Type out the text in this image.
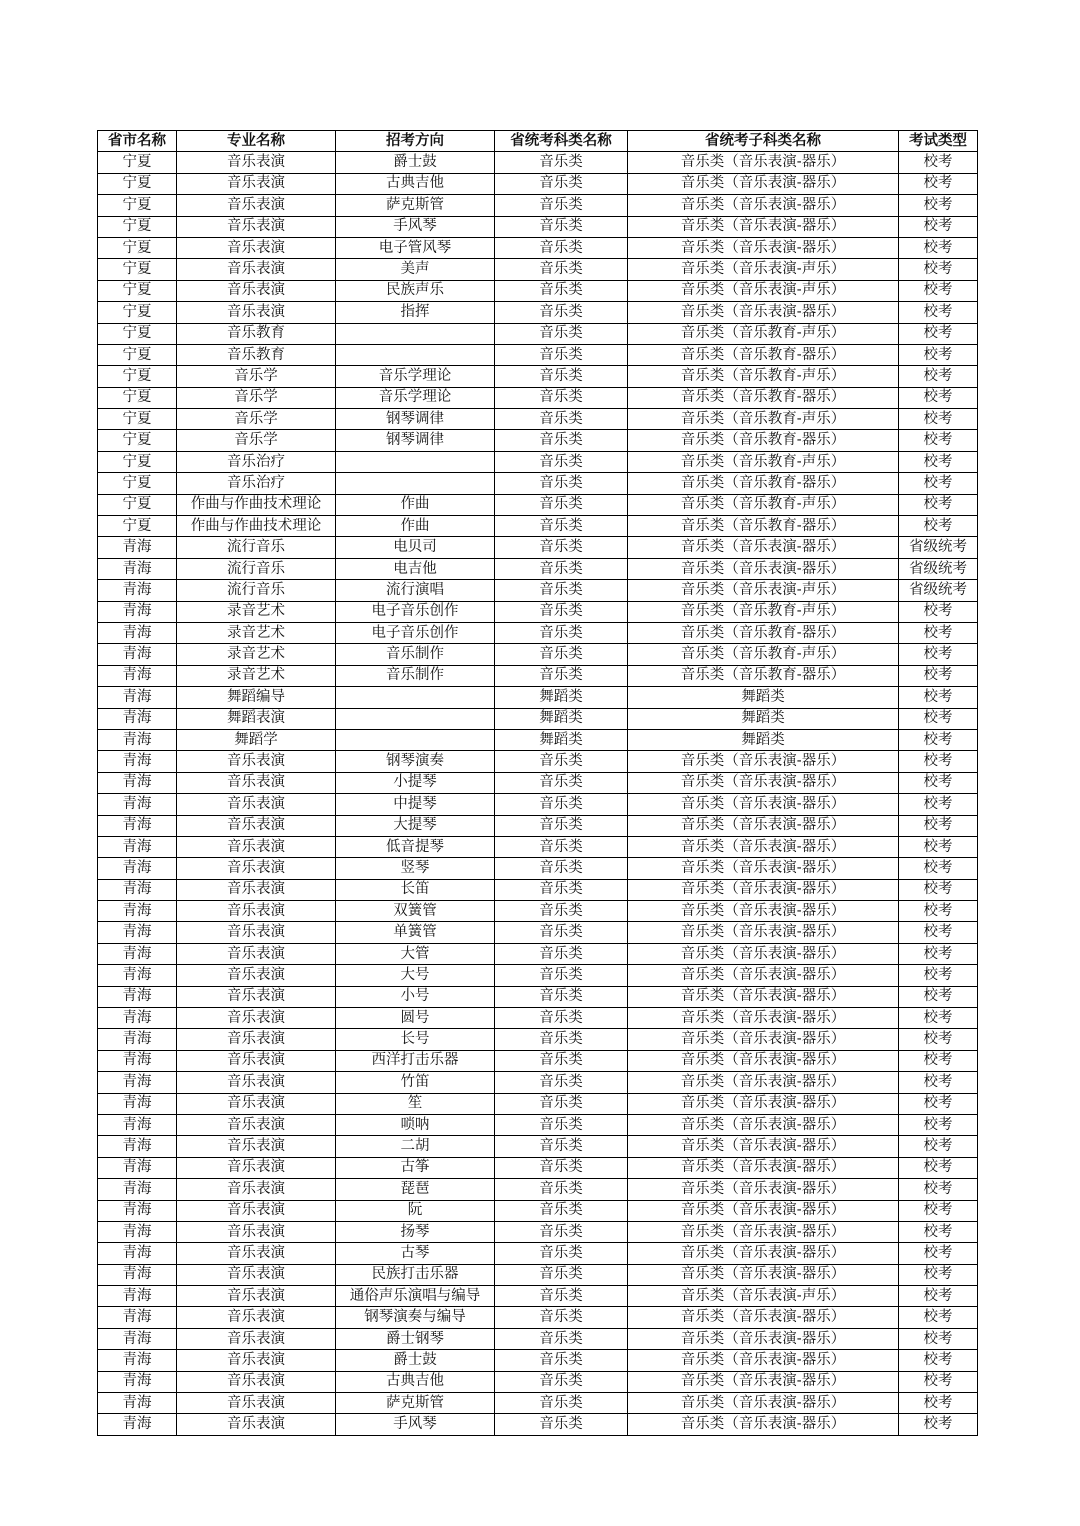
省市名称	专业名称	招考方向	省统考科类名称	省统考子科类名称	考试类型
宁夏	音乐表演	爵士鼓	音乐类	音乐类（音乐表演-器乐）	校考
宁夏	音乐表演	古典吉他	音乐类	音乐类（音乐表演-器乐）	校考
宁夏	音乐表演	萨克斯管	音乐类	音乐类（音乐表演-器乐）	校考
宁夏	音乐表演	手风琴	音乐类	音乐类（音乐表演-器乐）	校考
宁夏	音乐表演	电子管风琴	音乐类	音乐类（音乐表演-器乐）	校考
宁夏	音乐表演	美声	音乐类	音乐类（音乐表演-声乐）	校考
宁夏	音乐表演	民族声乐	音乐类	音乐类（音乐表演-声乐）	校考
宁夏	音乐表演	指挥	音乐类	音乐类（音乐表演-器乐）	校考
宁夏	音乐教育		音乐类	音乐类（音乐教育-声乐）	校考
宁夏	音乐教育		音乐类	音乐类（音乐教育-器乐）	校考
宁夏	音乐学	音乐学理论	音乐类	音乐类（音乐教育-声乐）	校考
宁夏	音乐学	音乐学理论	音乐类	音乐类（音乐教育-器乐）	校考
宁夏	音乐学	钢琴调律	音乐类	音乐类（音乐教育-声乐）	校考
宁夏	音乐学	钢琴调律	音乐类	音乐类（音乐教育-器乐）	校考
宁夏	音乐治疗		音乐类	音乐类（音乐教育-声乐）	校考
宁夏	音乐治疗		音乐类	音乐类（音乐教育-器乐）	校考
宁夏	作曲与作曲技术理论	作曲	音乐类	音乐类（音乐教育-声乐）	校考
宁夏	作曲与作曲技术理论	作曲	音乐类	音乐类（音乐教育-器乐）	校考
青海	流行音乐	电贝司	音乐类	音乐类（音乐表演-器乐）	省级统考
青海	流行音乐	电吉他	音乐类	音乐类（音乐表演-器乐）	省级统考
青海	流行音乐	流行演唱	音乐类	音乐类（音乐表演-声乐）	省级统考
青海	录音艺术	电子音乐创作	音乐类	音乐类（音乐教育-声乐）	校考
青海	录音艺术	电子音乐创作	音乐类	音乐类（音乐教育-器乐）	校考
青海	录音艺术	音乐制作	音乐类	音乐类（音乐教育-声乐）	校考
青海	录音艺术	音乐制作	音乐类	音乐类（音乐教育-器乐）	校考
青海	舞蹈编导		舞蹈类	舞蹈类	校考
青海	舞蹈表演		舞蹈类	舞蹈类	校考
青海	舞蹈学		舞蹈类	舞蹈类	校考
青海	音乐表演	钢琴演奏	音乐类	音乐类（音乐表演-器乐）	校考
青海	音乐表演	小提琴	音乐类	音乐类（音乐表演-器乐）	校考
青海	音乐表演	中提琴	音乐类	音乐类（音乐表演-器乐）	校考
青海	音乐表演	大提琴	音乐类	音乐类（音乐表演-器乐）	校考
青海	音乐表演	低音提琴	音乐类	音乐类（音乐表演-器乐）	校考
青海	音乐表演	竖琴	音乐类	音乐类（音乐表演-器乐）	校考
青海	音乐表演	长笛	音乐类	音乐类（音乐表演-器乐）	校考
青海	音乐表演	双簧管	音乐类	音乐类（音乐表演-器乐）	校考
青海	音乐表演	单簧管	音乐类	音乐类（音乐表演-器乐）	校考
青海	音乐表演	大管	音乐类	音乐类（音乐表演-器乐）	校考
青海	音乐表演	大号	音乐类	音乐类（音乐表演-器乐）	校考
青海	音乐表演	小号	音乐类	音乐类（音乐表演-器乐）	校考
青海	音乐表演	圆号	音乐类	音乐类（音乐表演-器乐）	校考
青海	音乐表演	长号	音乐类	音乐类（音乐表演-器乐）	校考
青海	音乐表演	西洋打击乐器	音乐类	音乐类（音乐表演-器乐）	校考
青海	音乐表演	竹笛	音乐类	音乐类（音乐表演-器乐）	校考
青海	音乐表演	笙	音乐类	音乐类（音乐表演-器乐）	校考
青海	音乐表演	唢呐	音乐类	音乐类（音乐表演-器乐）	校考
青海	音乐表演	二胡	音乐类	音乐类（音乐表演-器乐）	校考
青海	音乐表演	古筝	音乐类	音乐类（音乐表演-器乐）	校考
青海	音乐表演	琵琶	音乐类	音乐类（音乐表演-器乐）	校考
青海	音乐表演	阮	音乐类	音乐类（音乐表演-器乐）	校考
青海	音乐表演	扬琴	音乐类	音乐类（音乐表演-器乐）	校考
青海	音乐表演	古琴	音乐类	音乐类（音乐表演-器乐）	校考
青海	音乐表演	民族打击乐器	音乐类	音乐类（音乐表演-器乐）	校考
青海	音乐表演	通俗声乐演唱与编导	音乐类	音乐类（音乐表演-声乐）	校考
青海	音乐表演	钢琴演奏与编导	音乐类	音乐类（音乐表演-器乐）	校考
青海	音乐表演	爵士钢琴	音乐类	音乐类（音乐表演-器乐）	校考
青海	音乐表演	爵士鼓	音乐类	音乐类（音乐表演-器乐）	校考
青海	音乐表演	古典吉他	音乐类	音乐类（音乐表演-器乐）	校考
青海	音乐表演	萨克斯管	音乐类	音乐类（音乐表演-器乐）	校考
青海	音乐表演	手风琴	音乐类	音乐类（音乐表演-器乐）	校考
